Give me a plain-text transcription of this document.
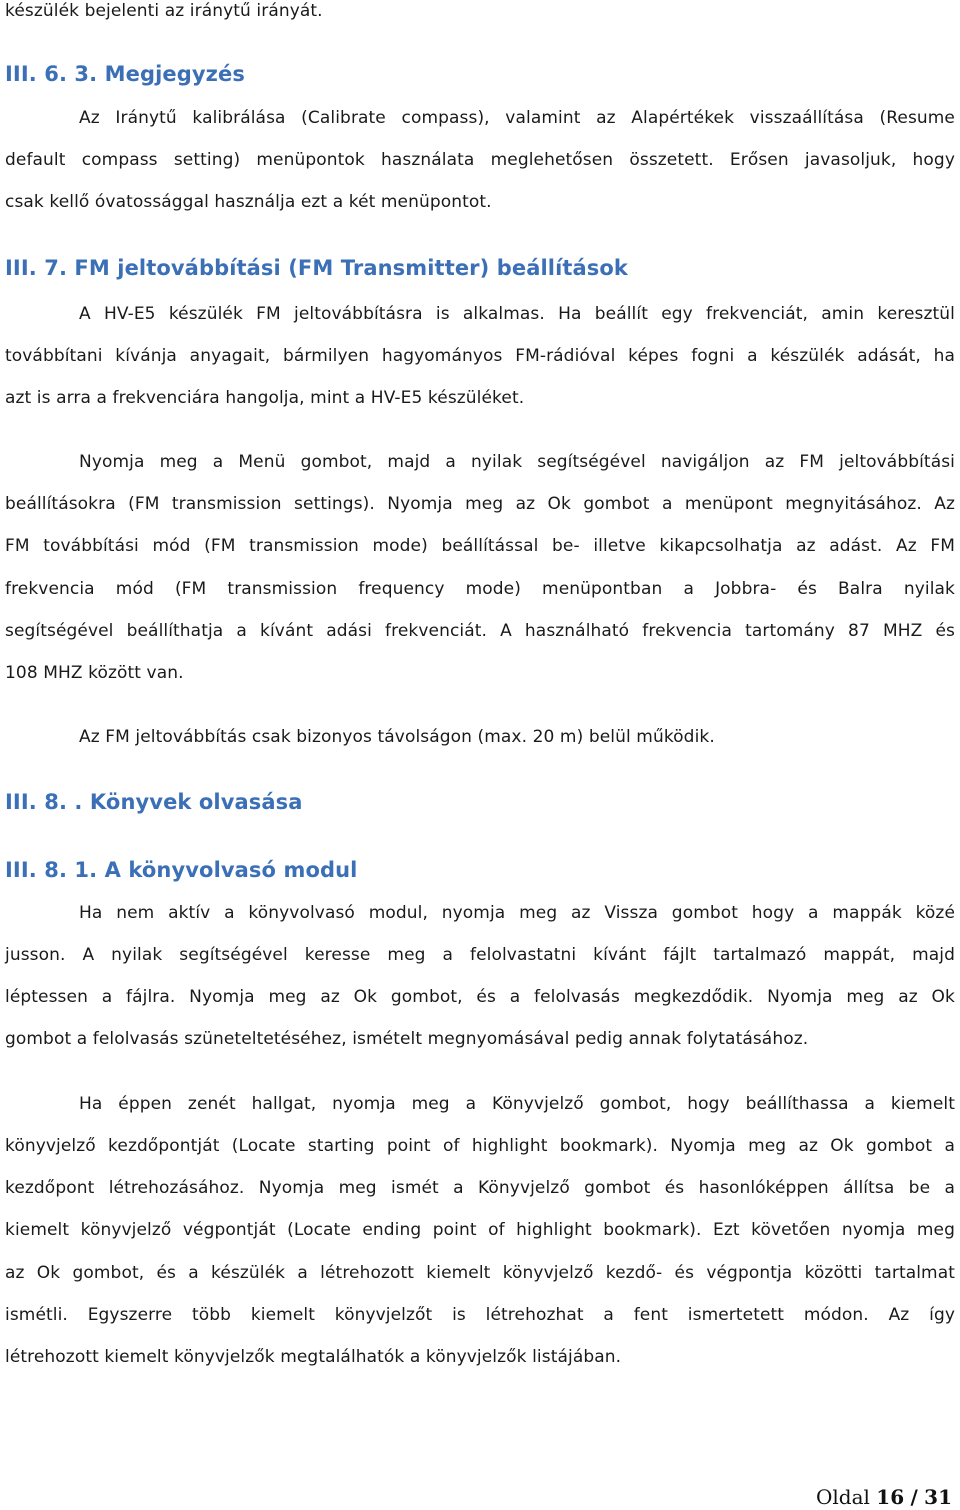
készülék bejelenti az iránytű irányát.
III. 6. 3. Megjegyzés
Az Iránytű kalibrálása (Calibrate compass), valamint az Alapértékek visszaállítása (Resume
default compass setting) menüpontok használata meglehetősen összetett. Erősen javasoljuk, hogy
csak kellő óvatossággal használja ezt a két menüpontot.
III. 7. FM jeltovábbítási (FM Transmitter) beállítások
A HV-E5 készülék FM jeltovábbításra is alkalmas. Ha beállít egy frekvenciát, amin keresztül
továbbítani kívánja anyagait, bármilyen hagyományos FM-rádióval képes fogni a készülék adását, ha
azt is arra a frekvenciára hangolja, mint a HV-E5 készüléket.
Nyomja meg a Menü gombot, majd a nyilak segítségével navigáljon az FM jeltovábbítási
beállításokra (FM transmission settings). Nyomja meg az Ok gombot a menüpont megnyitásához. Az
FM továbbítási mód (FM transmission mode) beállítással be- illetve kikapcsolhatja az adást. Az FM
frekvencia mód (FM transmission frequency mode) menüpontban a Jobbra- és Balra nyilak
segítségével beállíthatja a kívánt adási frekvenciát. A használható frekvencia tartomány 87 MHZ és
108 MHZ között van.
Az FM jeltovábbítás csak bizonyos távolságon (max. 20 m) belül működik.
III. 8. . Könyvek olvasása
III. 8. 1. A könyvolvasó modul
Ha nem aktív a könyvolvasó modul, nyomja meg az Vissza gombot hogy a mappák közé
jusson. A nyilak segítségével keresse meg a felolvastatni kívánt fájlt tartalmazó mappát, majd
léptessen a fájlra. Nyomja meg az Ok gombot, és a felolvasás megkezdődik. Nyomja meg az Ok
gombot a felolvasás szüneteltetéséhez, ismételt megnyomásával pedig annak folytatásához.
Ha éppen zenét hallgat, nyomja meg a Könyvjelző gombot, hogy beállíthassa a kiemelt
könyvjelző kezdőpontját (Locate starting point of highlight bookmark). Nyomja meg az Ok gombot a
kezdőpont létrehozásához. Nyomja meg ismét a Könyvjelző gombot és hasonlóképpen állítsa be a
kiemelt könyvjelző végpontját (Locate ending point of highlight bookmark). Ezt követően nyomja meg
az Ok gombot, és a készülék a létrehozott kiemelt könyvjelző kezdő- és végpontja közötti tartalmat
ismétli. Egyszerre több kiemelt könyvjelzőt is létrehozhat a fent ismertetett módon. Az így
létrehozott kiemelt könyvjelzők megtalálhatók a könyvjelzők listájában.
Oldal 16 / 31
